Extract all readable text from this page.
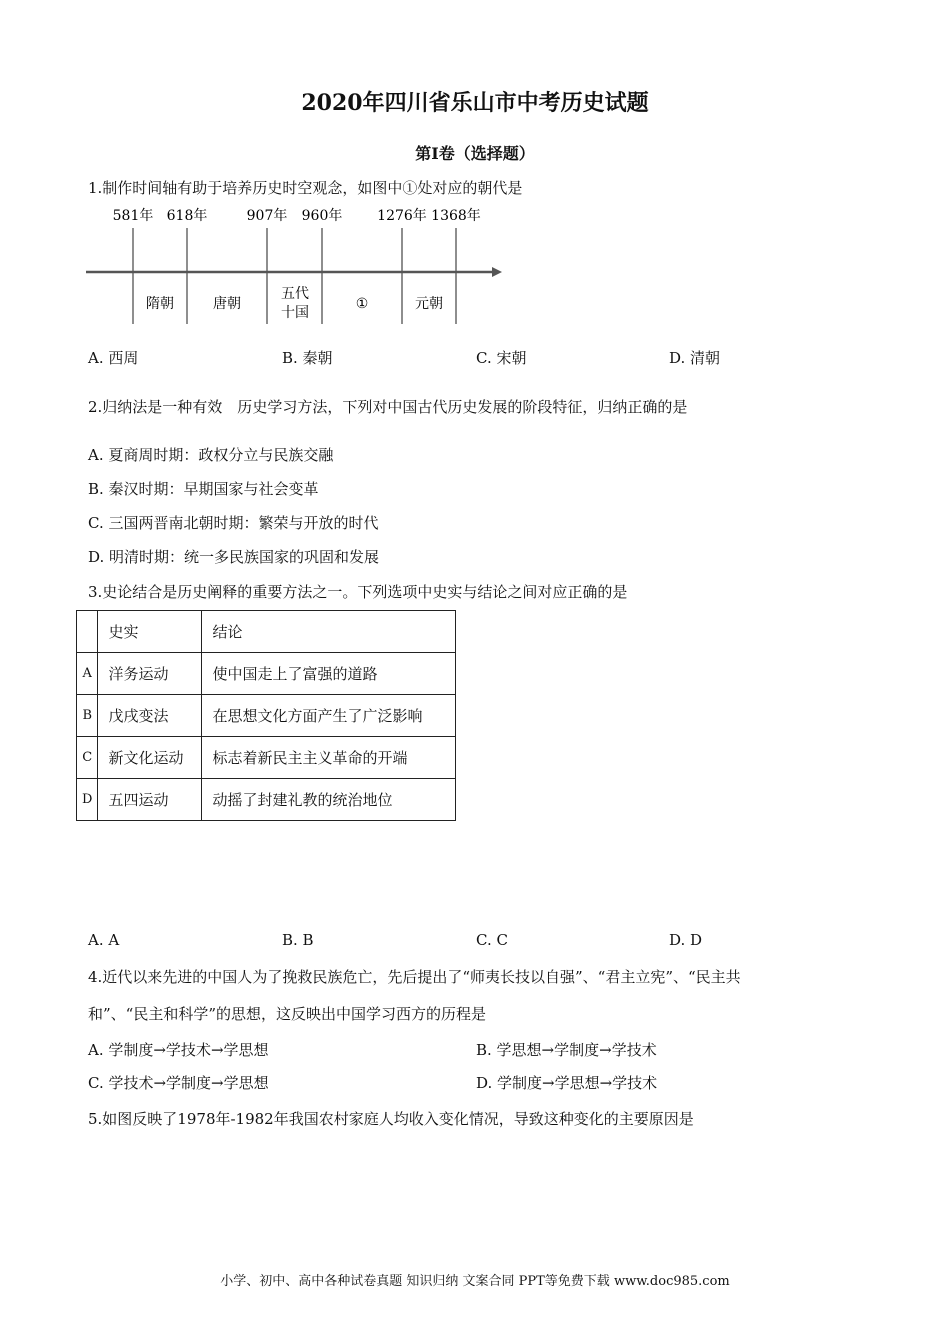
2020年四川省乐山市中考历史试题
第Ⅰ卷（选择题）
1.制作时间轴有助于培养历史时空观念，如图中①处对应的朝代是
581年 618年	907年 960年 1276年 1368年
隋朝	唐朝
五代
十国
①	元朝
A. 西周	B. 秦朝	C. 宋朝	D. 清朝
2.归纳法是一种有效　历史学习方法，下列对中国古代历史发展的阶段特征，归纳正确的是
A. 夏商周时期：政权分立与民族交融
B. 秦汉时期：早期国家与社会变革
C. 三国两晋南北朝时期：繁荣与开放的时代
D. 明清时期：统一多民族国家的巩固和发展
3.史论结合是历史阐释的重要方法之一。下列选项中史实与结论之间对应正确的是
	史实	结论
A	洋务运动	使中国走上了富强的道路
B	戊戌变法	在思想文化方面产生了广泛影响
C	新文化运动	标志着新民主主义革命的开端
D	五四运动	动摇了封建礼教的统治地位
A. A	B. B	C. C	D. D
4.近代以来先进的中国人为了挽救民族危亡，先后提出了“师夷长技以自强”、“君主立宪”、“民主共
和”、“民主和科学”的思想，这反映出中国学习西方的历程是
A. 学制度→学技术→学思想	B. 学思想→学制度→学技术
C. 学技术→学制度→学思想	D. 学制度→学思想→学技术
5.如图反映了1978年-1982年我国农村家庭人均收入变化情况，导致这种变化的主要原因是
小学、初中、高中各种试卷真题 知识归纳 文案合同 PPT等免费下载 www.doc985.com
